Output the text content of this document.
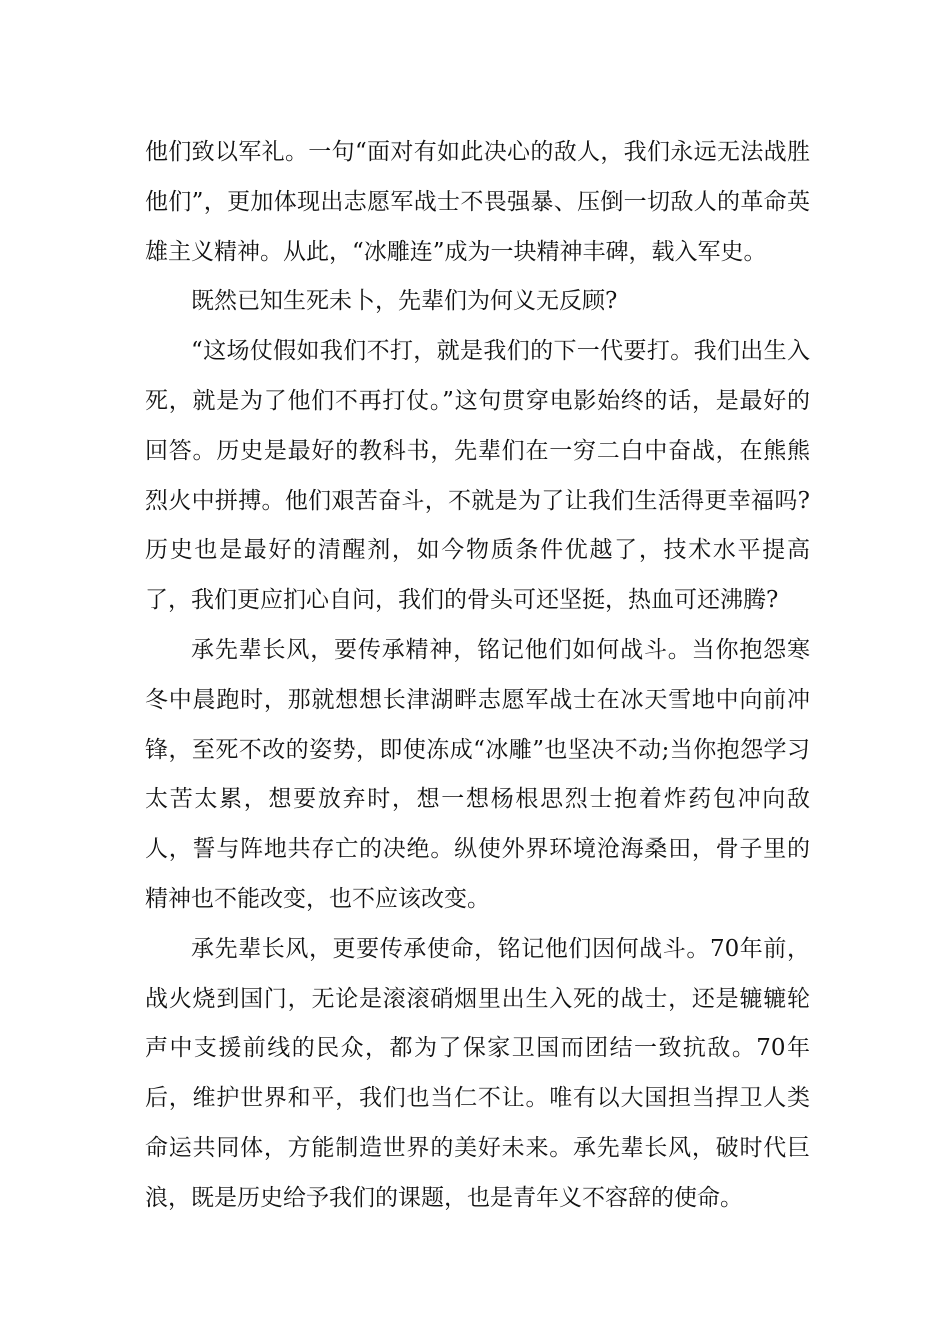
他们致以军礼。一句“面对有如此决心的敌人，我们永远无法战胜他们”，更加体现出志愿军战士不畏强暴、压倒一切敌人的革命英雄主义精神。从此，“冰雕连”成为一块精神丰碑，载入军史。

既然已知生死未卜，先辈们为何义无反顾?

“这场仗假如我们不打，就是我们的下一代要打。我们出生入死，就是为了他们不再打仗。”这句贯穿电影始终的话，是最好的回答。历史是最好的教科书，先辈们在一穷二白中奋战，在熊熊烈火中拼搏。他们艰苦奋斗，不就是为了让我们生活得更幸福吗?历史也是最好的清醒剂，如今物质条件优越了，技术水平提高了，我们更应扪心自问，我们的骨头可还坚挺，热血可还沸腾?

承先辈长风，要传承精神，铭记他们如何战斗。当你抱怨寒冬中晨跑时，那就想想长津湖畔志愿军战士在冰天雪地中向前冲锋，至死不改的姿势，即使冻成“冰雕”也坚决不动;当你抱怨学习太苦太累，想要放弃时，想一想杨根思烈士抱着炸药包冲向敌人，誓与阵地共存亡的决绝。纵使外界环境沧海桑田，骨子里的精神也不能改变，也不应该改变。

承先辈长风，更要传承使命，铭记他们因何战斗。70年前，战火烧到国门，无论是滚滚硝烟里出生入死的战士，还是辘辘轮声中支援前线的民众，都为了保家卫国而团结一致抗敌。70年后，维护世界和平，我们也当仁不让。唯有以大国担当捍卫人类命运共同体，方能制造世界的美好未来。承先辈长风，破时代巨浪，既是历史给予我们的课题，也是青年义不容辞的使命。
